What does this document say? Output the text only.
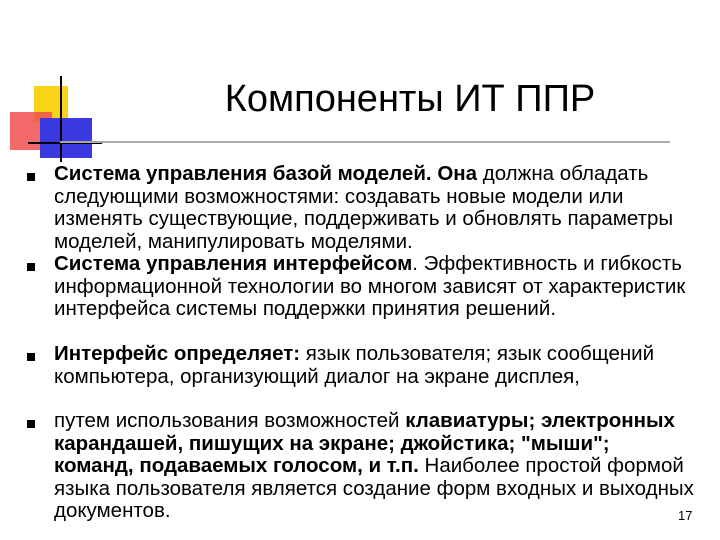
Компоненты ИТ ППР

Система управления базой моделей. Она должна обладать следующими возможностями: создавать новые модели или изменять существующие, поддерживать и обновлять параметры моделей, манипулировать моделями.

Система управления интерфейсом. Эффективность и гибкость информационной технологии во многом зависят от характеристик интерфейса системы поддержки принятия решений.

Интерфейс определяет: язык пользователя; язык сообщений компьютера, организующий диалог на экране дисплея,

путем использования возможностей клавиатуры; электронных карандашей, пишущих на экране; джойстика; "мыши"; команд, подаваемых голосом, и т.п. Наиболее простой формой языка пользователя является создание форм входных и выходных документов.	17
